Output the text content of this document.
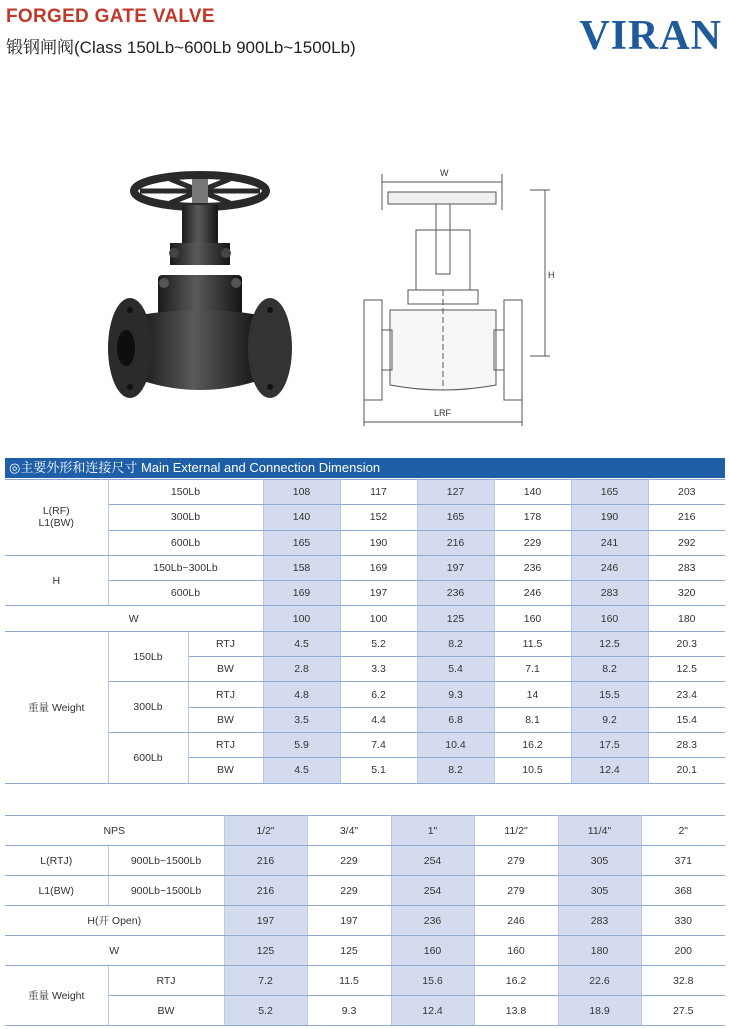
FORGED GATE VALVE
锻钢闸阀(Class 150Lb~600Lb 900Lb~1500Lb)	VIRAN
W
H
LRF
◎主要外形和连接尺寸 Main External and Connection Dimension
L(RF)
L1(BW)	150Lb		108	117	127	140	165	203
	300Lb		140	152	165	178	190	216
	600Lb		165	190	216	229	241	292
H	150Lb~300Lb		158	169	197	236	246	283
	600Lb		169	197	236	246	283	320
W			100	100	125	160	160	180
重量 Weight	150Lb	RTJ	4.5	5.2	8.2	11.5	12.5	20.3
		BW	2.8	3.3	5.4	7.1	8.2	12.5
	300Lb	RTJ	4.8	6.2	9.3	14	15.5	23.4
		BW	3.5	4.4	6.8	8.1	9.2	15.4
	600Lb	RTJ	5.9	7.4	10.4	16.2	17.5	28.3
		BW	4.5	5.1	8.2	10.5	12.4	20.1
NPS		1/2"	3/4"	1"	11/2"	11/4"	2"
L(RTJ)	900Lb~1500Lb	216	229	254	279	305	371
L1(BW)	900Lb~1500Lb	216	229	254	279	305	368
H(开 Open)		197	197	236	246	283	330
W		125	125	160	160	180	200
重量 Weight	RTJ	7.2	11.5	15.6	16.2	22.6	32.8
	BW	5.2	9.3	12.4	13.8	18.9	27.5
